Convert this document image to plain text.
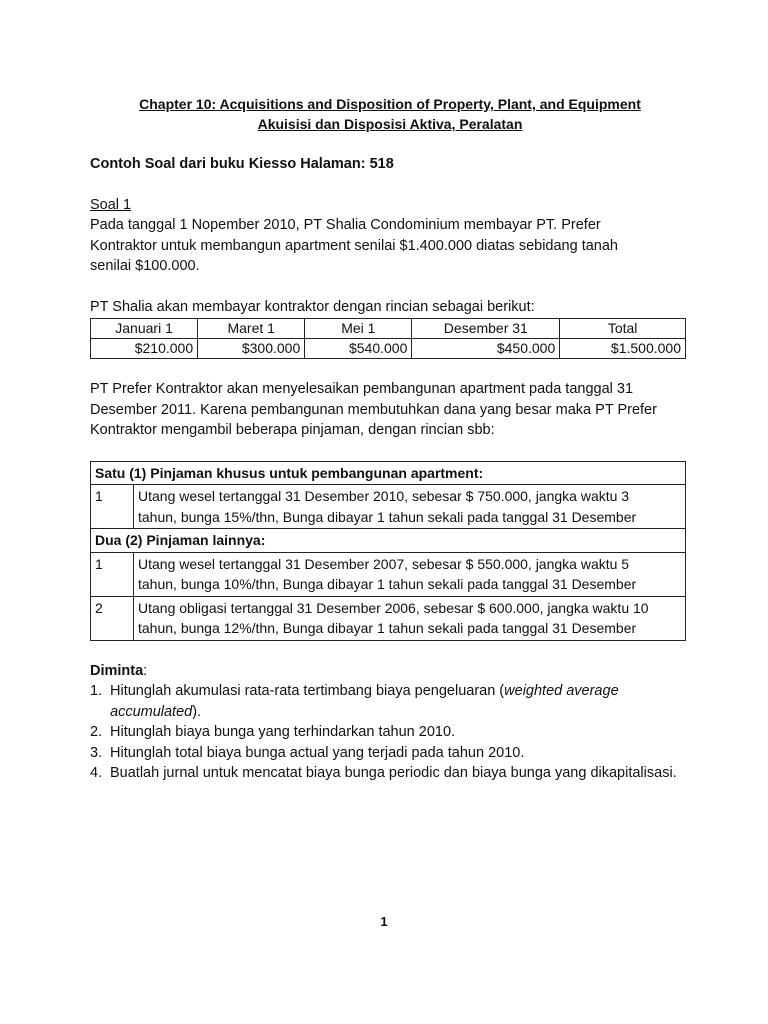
Chapter 10: Acquisitions and Disposition of Property, Plant, and Equipment
Akuisisi dan Disposisi Aktiva, Peralatan
Contoh Soal dari buku Kiesso Halaman: 518
Soal 1

Pada tanggal 1 Nopember 2010, PT Shalia Condominium membayar PT. Prefer
Kontraktor untuk membangun apartment senilai $1.400.000 diatas sebidang tanah
senilai $100.000.

PT Shalia akan membayar kontraktor dengan rincian sebagai berikut:
Januari 1	Maret 1	Mei 1	Desember 31	Total
$210.000	$300.000	$540.000	$450.000	$1.500.000

PT Prefer Kontraktor akan menyelesaikan pembangunan apartment pada tanggal 31
Desember 2011. Karena pembangunan membutuhkan dana yang besar maka PT Prefer
Kontraktor mengambil beberapa pinjaman, dengan rincian sbb:

Satu (1) Pinjaman khusus untuk pembangunan apartment:	
1	Utang wesel tertanggal 31 Desember 2010, sebesar $ 750.000, jangka waktu 3
tahun, bunga 15%/thn, Bunga dibayar 1 tahun sekali pada tanggal 31 Desember
Dua (2) Pinjaman lainnya:	
1	Utang wesel tertanggal 31 Desember 2007, sebesar $ 550.000, jangka waktu 5
tahun, bunga 10%/thn, Bunga dibayar 1 tahun sekali pada tanggal 31 Desember
2	Utang obligasi tertanggal 31 Desember 2006, sebesar $ 600.000, jangka waktu 10
tahun, bunga 12%/thn, Bunga dibayar 1 tahun sekali pada tanggal 31 Desember
Diminta:
1. Hitunglah akumulasi rata-rata tertimbang biaya pengeluaran (weighted average accumulated).
2. Hitunglah biaya bunga yang terhindarkan tahun 2010.
3. Hitunglah total biaya bunga actual yang terjadi pada tahun 2010.
4. Buatlah jurnal untuk mencatat biaya bunga periodic dan biaya bunga yang dikapitalisasi.
1
